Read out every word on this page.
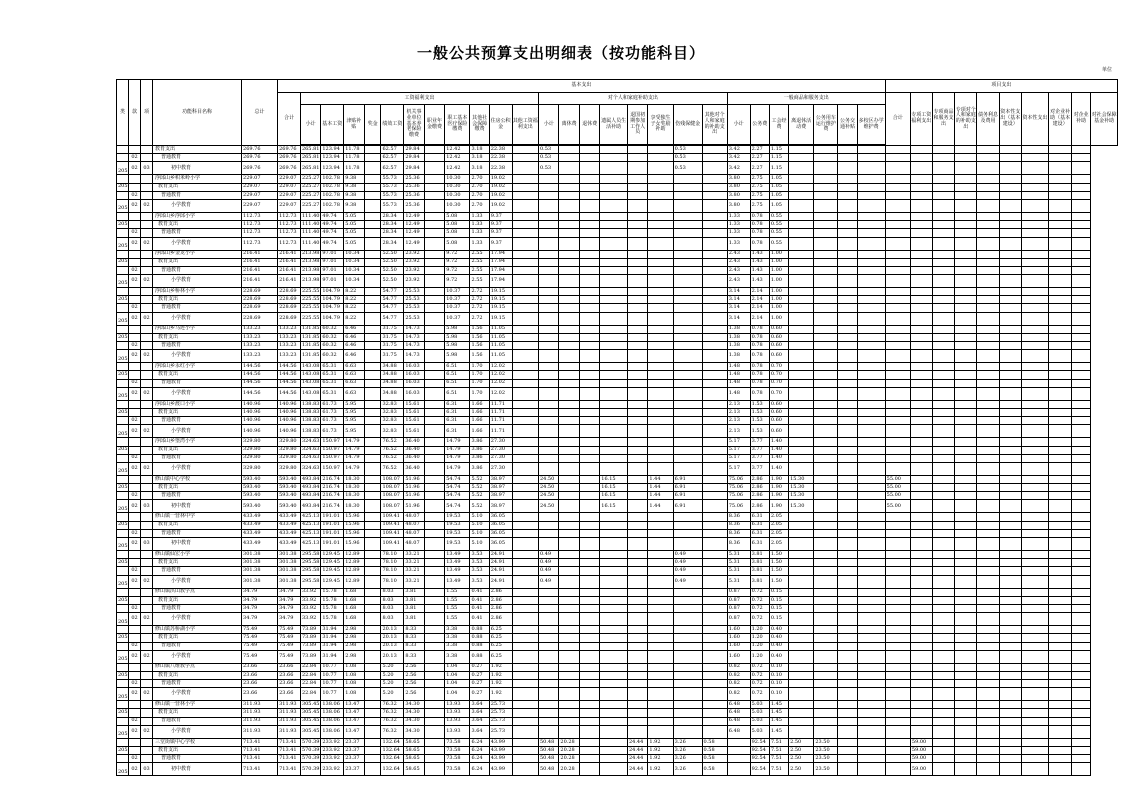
一般公共预算支出明细表（按功能科目）
单位
类	款	项	功能科目名称	总计	基本支出																											项目支出									
					合计	工资福利支出											对个人和家庭补助支出								一般商品和服务支出							合计	专项工资福利支出	专项商品和服务支出	专项对个人和家庭的补助支出	债务利息及费用	资本性支出（基本建设）	资本性支出	对企业补助（基本建设）	对企业补助	对社会保障基金补助
						小计	基本工资	津贴补贴	奖金	绩效工资	机关事业单位基本养老保险缴费	职业年金缴费	职工基本医疗保险缴费	其他社会保障缴费	住房公积金	其他工资福利支出	小计	离休费	退休费	遗属人员生活补助	退国初期参加工作人员	享受独生子女奖励补助	伤残保健金	其他对个人和家庭的补助支出	小计	公务费	工会经费	离退休活动费	公务用车运行维护费	公务交通补贴	多校区办学维护费										

			教育支出	269.76	269.76	265.81	123.94	11.78		62.57	29.84		12.42	3.18	22.38		0.53						0.53		3.42	2.27	1.15														
	02		普通教育	269.76	269.76	265.81	123.94	11.78		62.57	29.84		12.42	3.18	22.38		0.53						0.53		3.42	2.27	1.15														
205	02	03	初中教育	269.76	269.76	265.81	123.94	11.78		62.57	29.84		12.42	3.18	22.38		0.53						0.53		3.42	2.27	1.15														
			浮邱山乡积米岭小学	229.07	229.07	225.27	102.78	9.38		55.73	25.36		10.30	2.70	19.02										3.80	2.75	1.05														
205			教育支出	229.07	229.07	225.27	102.78	9.38		55.73	25.36		10.30	2.70	19.02										3.80	2.75	1.05														
	02		普通教育	229.07	229.07	225.27	102.78	9.38		55.73	25.36		10.30	2.70	19.02										3.80	2.75	1.05														
205	02	02	小学教育	229.07	229.07	225.27	102.78	9.38		55.73	25.36		10.30	2.70	19.02										3.80	2.75	1.05														
			浮邱山乡浮邱小学	112.73	112.73	111.40	49.74	5.05		28.34	12.49		5.08	1.33	9.37										1.33	0.78	0.55														
205			教育支出	112.73	112.73	111.40	49.74	5.05		28.34	12.49		5.08	1.33	9.37										1.33	0.78	0.55														
	02		普通教育	112.73	112.73	111.40	49.74	5.05		28.34	12.49		5.08	1.33	9.37										1.33	0.78	0.55														
205	02	02	小学教育	112.73	112.73	111.40	49.74	5.05		28.34	12.49		5.08	1.33	9.37										1.33	0.78	0.55														
			浮邱山乡金龙小学	216.41	216.41	213.98	97.01	10.34		52.50	23.92		9.72	2.55	17.94										2.43	1.43	1.00														
205			教育支出	216.41	216.41	213.98	97.01	10.34		52.50	23.92		9.72	2.55	17.94										2.43	1.43	1.00														
	02		普通教育	216.41	216.41	213.98	97.01	10.34		52.50	23.92		9.72	2.55	17.94										2.43	1.43	1.00														
205	02	02	小学教育	216.41	216.41	213.98	97.01	10.34		52.50	23.92		9.72	2.55	17.94										2.43	1.43	1.00														
			浮邱山乡桥林小学	228.69	228.69	225.55	104.79	8.22		54.77	25.53		10.37	2.72	19.15										3.14	2.14	1.00														
205			教育支出	228.69	228.69	225.55	104.79	8.22		54.77	25.53		10.37	2.72	19.15										3.14	2.14	1.00														
	02		普通教育	228.69	228.69	225.55	104.79	8.22		54.77	25.53		10.37	2.72	19.15										3.14	2.14	1.00														
205	02	02	小学教育	228.69	228.69	225.55	104.79	8.22		54.77	25.53		10.37	2.72	19.15										3.14	2.14	1.00														
			浮邱山乡马迹小学	133.23	133.23	131.85	60.32	6.46		31.75	14.73		5.98	1.56	11.05										1.38	0.78	0.60														
205			教育支出	133.23	133.23	131.85	60.32	6.46		31.75	14.73		5.98	1.56	11.05										1.38	0.78	0.60														
	02		普通教育	133.23	133.23	131.85	60.32	6.46		31.75	14.73		5.98	1.56	11.05										1.38	0.78	0.60														
205	02	02	小学教育	133.23	133.23	131.85	60.32	6.46		31.75	14.73		5.98	1.56	11.05										1.38	0.78	0.60														
			浮邱山乡永红小学	144.56	144.56	143.08	65.31	6.63		34.88	16.03		6.51	1.70	12.02										1.48	0.78	0.70														
205			教育支出	144.56	144.56	143.08	65.31	6.63		34.88	16.03		6.51	1.70	12.02										1.48	0.78	0.70														
	02		普通教育	144.56	144.56	143.08	65.31	6.63		34.88	16.03		6.51	1.70	12.02										1.48	0.78	0.70														
205	02	02	小学教育	144.56	144.56	143.08	65.31	6.63		34.88	16.03		6.51	1.70	12.02										1.48	0.78	0.70														
			浮邱山乡渡口小学	140.96	140.96	138.83	61.73	5.95		32.83	15.61		6.31	1.66	11.71										2.13	1.53	0.60														
205			教育支出	140.96	140.96	138.83	61.73	5.95		32.83	15.61		6.31	1.66	11.71										2.13	1.53	0.60														
	02		普通教育	140.96	140.96	138.83	61.73	5.95		32.83	15.61		6.31	1.66	11.71										2.13	1.53	0.60														
205	02	02	小学教育	140.96	140.96	138.83	61.73	5.95		32.83	15.61		6.31	1.66	11.71										2.13	1.53	0.60														
			浮邱山乡堡湾小学	329.80	329.80	324.63	150.97	14.79		76.52	36.40		14.79	3.86	27.30										5.17	3.77	1.40														
205			教育支出	329.80	329.80	324.63	150.97	14.79		76.52	36.40		14.79	3.86	27.30										5.17	3.77	1.40														
	02		普通教育	329.80	329.80	324.63	150.97	14.79		76.52	36.40		14.79	3.86	27.30										5.17	3.77	1.40														
205	02	02	小学教育	329.80	329.80	324.63	150.97	14.79		76.52	36.40		14.79	3.86	27.30										5.17	3.77	1.40														
			修山镇中心学校	593.40	593.40	493.84	216.74	18.30		108.07	51.96		54.74	5.52	38.97		24.50			16.15		1.44	6.91		75.06	2.86	1.90	15.30				55.00									
205			教育支出	593.40	593.40	493.84	216.74	18.30		108.07	51.96		54.74	5.52	38.97		24.50			16.15		1.44	6.91		75.06	2.86	1.90	15.30				55.00									
	02		普通教育	593.40	593.40	493.84	216.74	18.30		108.07	51.96		54.74	5.52	38.97		24.50			16.15		1.44	6.91		75.06	2.86	1.90	15.30				55.00									
205	02	03	初中教育	593.40	593.40	493.84	216.74	18.30		108.07	51.96		54.74	5.52	38.97		24.50			16.15		1.44	6.91		75.06	2.86	1.90	15.30				55.00									
			修山镇一营林中学	433.49	433.49	425.13	191.01	15.96		109.41	48.07		19.53	5.10	36.05										8.36	6.31	2.05														
205			教育支出	433.49	433.49	425.13	191.01	15.96		109.41	48.07		19.53	5.10	36.05										8.36	6.31	2.05														
	02		普通教育	433.49	433.49	425.13	191.01	15.96		109.41	48.07		19.53	5.10	36.05										8.36	6.31	2.05														
205	02	03	初中教育	433.49	433.49	425.13	191.01	15.96		109.41	48.07		19.53	5.10	36.05										8.36	6.31	2.05														
			修山镇仙宏小学	301.38	301.38	295.58	129.45	12.89		78.10	33.21		13.49	3.53	24.91		0.49						0.49		5.31	3.81	1.50														
205			教育支出	301.38	301.38	295.58	129.45	12.89		78.10	33.21		13.49	3.53	24.91		0.49						0.49		5.31	3.81	1.50														
	02		普通教育	301.38	301.38	295.58	129.45	12.89		78.10	33.21		13.49	3.53	24.91		0.49						0.49		5.31	3.81	1.50														
205	02	02	小学教育	301.38	301.38	295.58	129.45	12.89		78.10	33.21		13.49	3.53	24.91		0.49						0.49		5.31	3.81	1.50														
			修山镇洪山教学点	34.79	34.79	33.92	15.78	1.68		8.03	3.81		1.55	0.41	2.86										0.87	0.72	0.15														
205			教育支出	34.79	34.79	33.92	15.78	1.68		8.03	3.81		1.55	0.41	2.86										0.87	0.72	0.15														
	02		普通教育	34.79	34.79	33.92	15.78	1.68		8.03	3.81		1.55	0.41	2.86										0.87	0.72	0.15														
205	02	02	小学教育	34.79	34.79	33.92	15.78	1.68		8.03	3.81		1.55	0.41	2.86										0.87	0.72	0.15														
			修山镇苏桥湖小学	75.49	75.49	73.89	31.94	2.98		20.13	8.33		3.38	0.88	6.25										1.60	1.20	0.40														
205			教育支出	75.49	75.49	73.89	31.94	2.98		20.13	8.33		3.38	0.88	6.25										1.60	1.20	0.40														
	02		普通教育	75.49	75.49	73.89	31.94	2.98		20.13	8.33		3.38	0.88	6.25										1.60	1.20	0.40														
205	02	02	小学教育	75.49	75.49	73.89	31.94	2.98		20.13	8.33		3.38	0.88	6.25										1.60	1.20	0.40														
			修山镇八维教学点	23.66	23.66	22.84	10.77	1.08		5.20	2.56		1.04	0.27	1.92										0.82	0.72	0.10														
205			教育支出	23.66	23.66	22.84	10.77	1.08		5.20	2.56		1.04	0.27	1.92										0.82	0.72	0.10														
	02		普通教育	23.66	23.66	22.84	10.77	1.08		5.20	2.56		1.04	0.27	1.92										0.82	0.72	0.10														
205	02	02	小学教育	23.66	23.66	22.84	10.77	1.08		5.20	2.56		1.04	0.27	1.92										0.82	0.72	0.10														
			修山镇一营林小学	311.93	311.93	305.45	138.06	13.47		76.32	34.30		13.93	3.64	25.73										6.48	5.03	1.45														
205			教育支出	311.93	311.93	305.45	138.06	13.47		76.32	34.30		13.93	3.64	25.73										6.48	5.03	1.45														
	02		普通教育	311.93	311.93	305.45	138.06	13.47		76.32	34.30		13.93	3.64	25.73										6.48	5.03	1.45														
205	02	02	小学教育	311.93	311.93	305.45	138.06	13.47		76.32	34.30		13.93	3.64	25.73										6.48	5.03	1.45														
			三堂街镇中心学校	713.41	713.41	570.39	233.92	23.37		132.64	58.65		73.58	6.24	43.99		50.48	20.28			24.44	1.92	3.26	0.58		92.54	7.51	2.50	23.50				59.00								
205			教育支出	713.41	713.41	570.39	233.92	23.37		132.64	58.65		73.58	6.24	43.99		50.48	20.28			24.44	1.92	3.26	0.58		92.54	7.51	2.50	23.50				59.00								
	02		普通教育	713.41	713.41	570.39	233.92	23.37		132.64	58.65		73.58	6.24	43.99		50.48	20.28			24.44	1.92	3.26	0.58		92.54	7.51	2.50	23.50				59.00								
205	02	03	初中教育	713.41	713.41	570.39	233.92	23.37		132.64	58.65		73.58	6.24	43.99		50.48	20.28			24.44	1.92	3.26	0.58		92.54	7.51	2.50	23.50				59.00								
